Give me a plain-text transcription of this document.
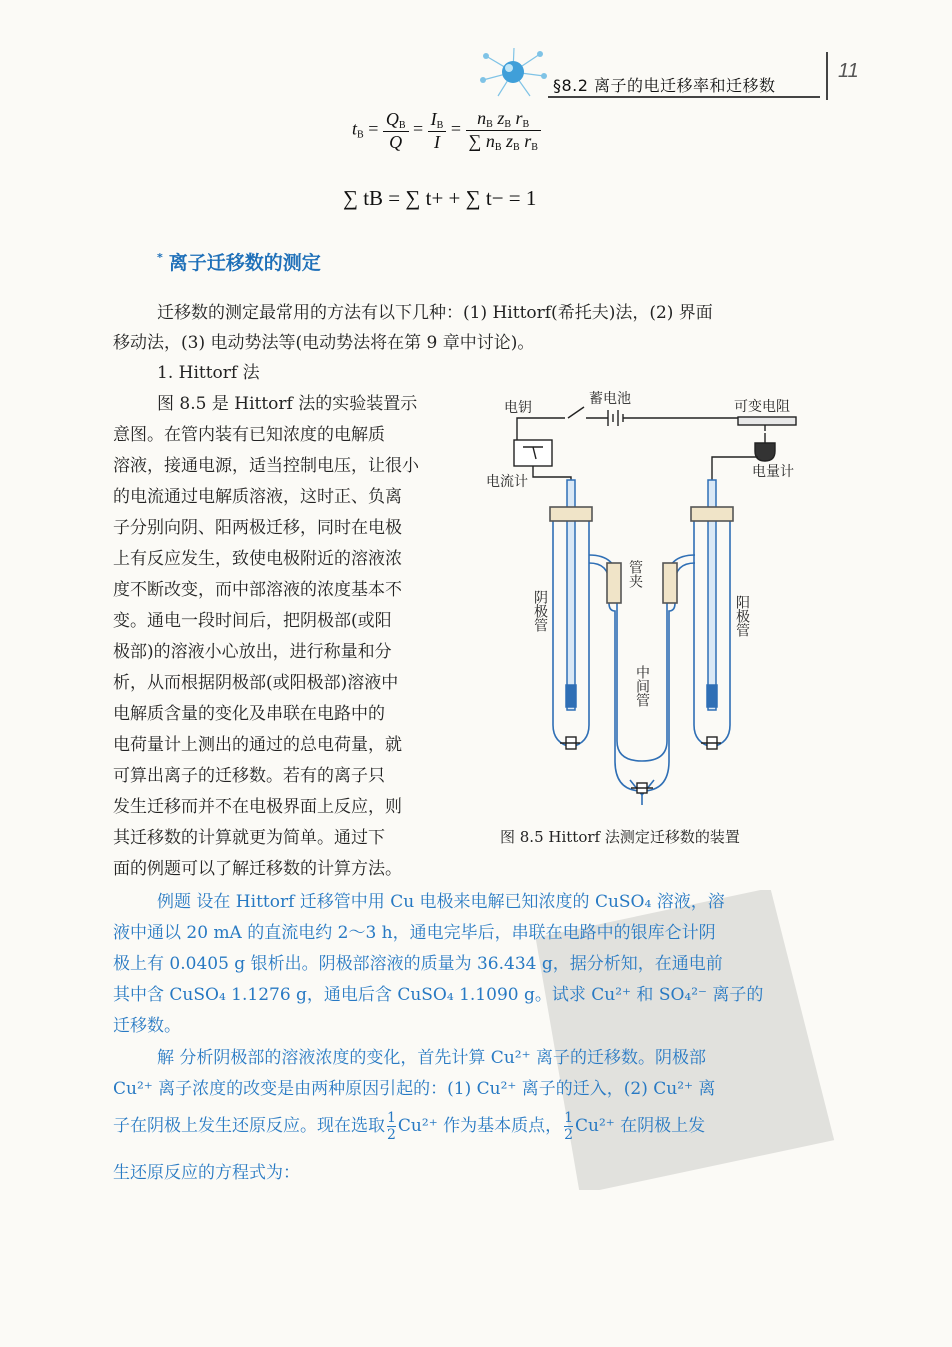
§8.2 离子的电迁移率和迁移数
11
$t_B = \frac{Q_B}{Q} = \frac{I_B}{I} = \frac{n_B z_B r_B}{\sum n_B z_B r_B}$
∑ tB = ∑ t+ + ∑ t− = 1
* 离子迁移数的测定
迁移数的测定最常用的方法有以下几种：(1) Hittorf(希托夫)法，(2) 界面
移动法，(3) 电动势法等(电动势法将在第 9 章中讨论)。
1. Hittorf 法
图 8.5 是 Hittorf 法的实验装置示
意图。在管内装有已知浓度的电解质
溶液，接通电源，适当控制电压，让很小
的电流通过电解质溶液，这时正、负离
子分别向阴、阳两极迁移，同时在电极
上有反应发生，致使电极附近的溶液浓
度不断改变，而中部溶液的浓度基本不
变。通电一段时间后，把阴极部(或阳
极部)的溶液小心放出，进行称量和分
析，从而根据阴极部(或阳极部)溶液中
电解质含量的变化及串联在电路中的
电荷量计上测出的通过的总电荷量，就
可算出离子的迁移数。若有的离子只
发生迁移而并不在电极界面上反应，则
其迁移数的计算就更为简单。通过下
面的例题可以了解迁移数的计算方法。
电钥
蓄电池	可变电阻
电流计
电量计
管夹
阴极管	阳极管
中间管
图 8.5 Hittorf 法测定迁移数的装置
例题 设在 Hittorf 迁移管中用 Cu 电极来电解已知浓度的 CuSO₄ 溶液，溶
液中通以 20 mA 的直流电约 2～3 h，通电完毕后，串联在电路中的银库仑计阴
极上有 0.0405 g 银析出。阴极部溶液的质量为 36.434 g，据分析知，在通电前
其中含 CuSO₄ 1.1276 g，通电后含 CuSO₄ 1.1090 g。试求 Cu²⁺ 和 SO₄²⁻ 离子的
迁移数。
解 分析阴极部的溶液浓度的变化，首先计算 Cu²⁺ 离子的迁移数。阴极部
Cu²⁺ 离子浓度的改变是由两种原因引起的：(1) Cu²⁺ 离子的迁入，(2) Cu²⁺ 离
子在阴极上发生还原反应。现在选取 $\frac{1}{2} Cu^{2+}$ 作为基本质点， $\frac{1}{2} Cu^{2+}$ 在阴极上发
生还原反应的方程式为：
